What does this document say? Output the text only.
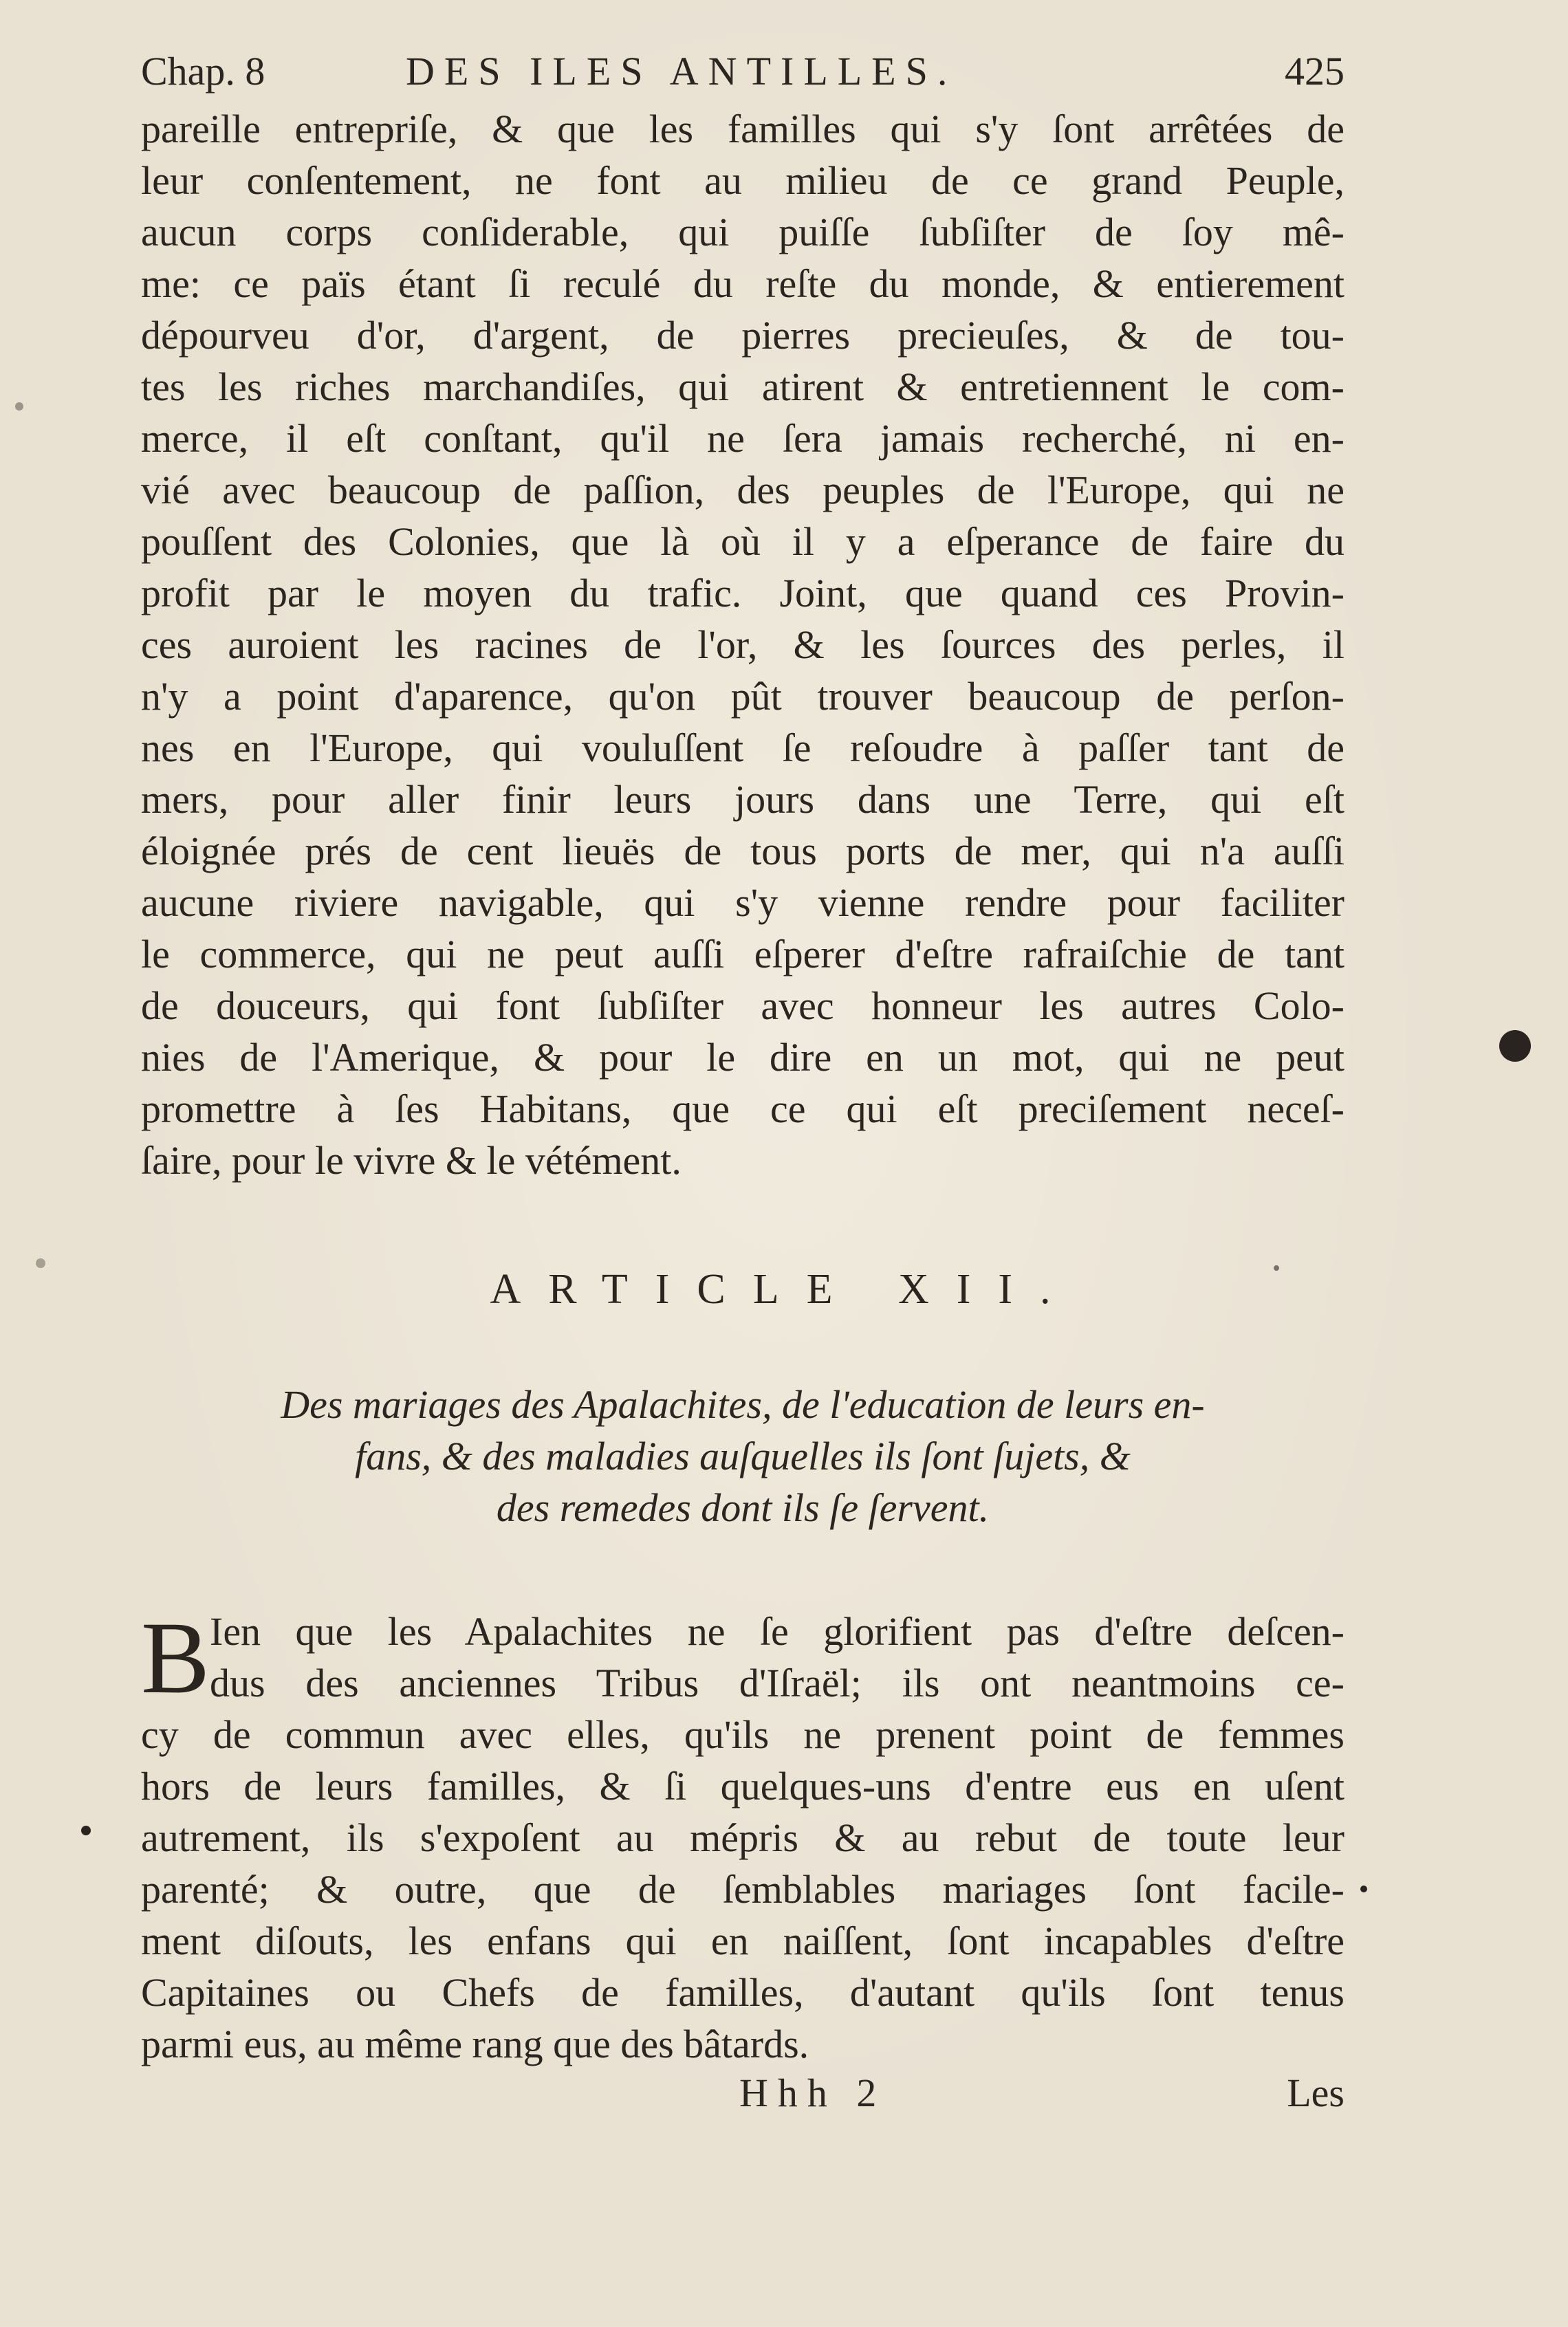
Chap. 8	DES ILES ANTILLES.	425
pareille entrepriſe, & que les familles qui s'y ſont arrêtées de
leur conſentement, ne font au milieu de ce grand Peuple,
aucun corps conſiderable, qui puiſſe ſubſiſter de ſoy mê-
me: ce païs étant ſi reculé du reſte du monde, & entierement
dépourveu d'or, d'argent, de pierres precieuſes, & de tou-
tes les riches marchandiſes, qui atirent & entretiennent le com-
merce, il eſt conſtant, qu'il ne ſera jamais recherché, ni en-
vié avec beaucoup de paſſion, des peuples de l'Europe, qui ne
pouſſent des Colonies, que là où il y a eſperance de faire du
profit par le moyen du trafic. Joint, que quand ces Provin-
ces auroient les racines de l'or, & les ſources des perles, il
n'y a point d'aparence, qu'on pût trouver beaucoup de perſon-
nes en l'Europe, qui vouluſſent ſe reſoudre à paſſer tant de
mers, pour aller finir leurs jours dans une Terre, qui eſt
éloignée prés de cent lieuës de tous ports de mer, qui n'a auſſi
aucune riviere navigable, qui s'y vienne rendre pour faciliter
le commerce, qui ne peut auſſi eſperer d'eſtre rafraiſchie de tant
de douceurs, qui font ſubſiſter avec honneur les autres Colo-
nies de l'Amerique, & pour le dire en un mot, qui ne peut
promettre à ſes Habitans, que ce qui eſt preciſement neceſ-
ſaire, pour le vivre & le vétément.
ARTICLE XII.
Des mariages des Apalachites, de l'education de leurs en-
fans, & des maladies auſquelles ils ſont ſujets, &
des remedes dont ils ſe ſervent.
B Ien que les Apalachites ne ſe glorifient pas d'eſtre deſcen-
dus des anciennes Tribus d'Iſraël; ils ont neantmoins ce-
cy de commun avec elles, qu'ils ne prenent point de femmes
hors de leurs familles, & ſi quelques-uns d'entre eus en uſent
autrement, ils s'expoſent au mépris & au rebut de toute leur
parenté; & outre, que de ſemblables mariages ſont facile-
ment diſouts, les enfans qui en naiſſent, ſont incapables d'eſtre
Capitaines ou Chefs de familles, d'autant qu'ils ſont tenus
parmi eus, au même rang que des bâtards.
Hhh 2	Les
